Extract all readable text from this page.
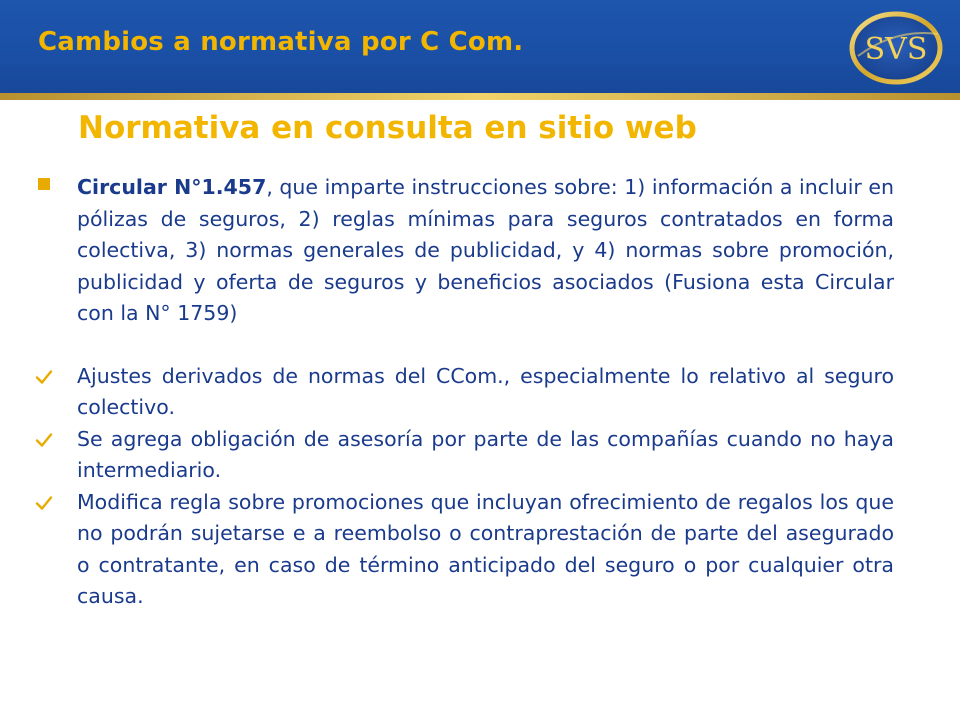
Cambios a normativa por C Com.	SVS
Normativa en consulta en sitio web
Circular N°1.457, que imparte instrucciones sobre: 1) información a incluir en pólizas de seguros, 2) reglas mínimas para seguros contratados en forma colectiva, 3) normas generales de publicidad, y 4) normas sobre promoción, publicidad y oferta de seguros y beneficios asociados (Fusiona esta Circular con la N° 1759)
Ajustes derivados de normas del CCom., especialmente lo relativo al seguro colectivo.
Se agrega obligación de asesoría por parte de las compañías cuando no haya intermediario.
Modifica regla sobre promociones que incluyan ofrecimiento de regalos los que no podrán sujetarse e a reembolso o contraprestación de parte del asegurado o contratante, en caso de término anticipado del seguro o por cualquier otra causa.
